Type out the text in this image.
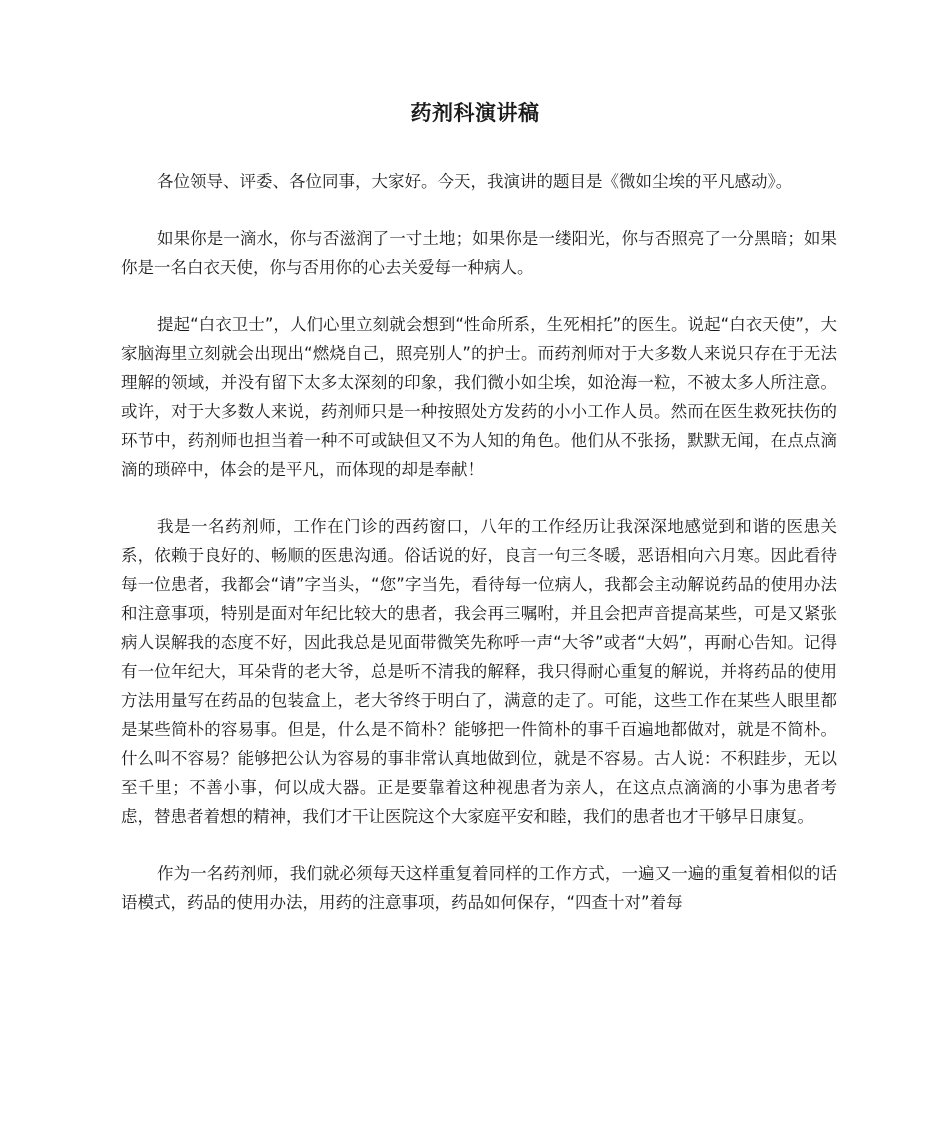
药剂科演讲稿

各位领导、评委、各位同事，大家好。今天，我演讲的题目是《微如尘埃的平凡感动》。

如果你是一滴水，你与否滋润了一寸土地；如果你是一缕阳光，你与否照亮了一分黑暗；如果你是一名白衣天使，你与否用你的心去关爱每一种病人。

提起“白衣卫士”，人们心里立刻就会想到“性命所系，生死相托”的医生。说起“白衣天使”，大家脑海里立刻就会出现出“燃烧自己，照亮别人”的护士。而药剂师对于大多数人来说只存在于无法理解的领域，并没有留下太多太深刻的印象，我们微小如尘埃，如沧海一粒，不被太多人所注意。或许，对于大多数人来说，药剂师只是一种按照处方发药的小小工作人员。然而在医生救死扶伤的环节中，药剂师也担当着一种不可或缺但又不为人知的角色。他们从不张扬，默默无闻，在点点滴滴的琐碎中，体会的是平凡，而体现的却是奉献！

我是一名药剂师，工作在门诊的西药窗口，八年的工作经历让我深深地感觉到和谐的医患关系，依赖于良好的、畅顺的医患沟通。俗话说的好，良言一句三冬暖，恶语相向六月寒。因此看待每一位患者，我都会“请”字当头，“您”字当先，看待每一位病人，我都会主动解说药品的使用办法和注意事项，特别是面对年纪比较大的患者，我会再三嘱咐，并且会把声音提高某些，可是又紧张病人误解我的态度不好，因此我总是见面带微笑先称呼一声“大爷”或者“大妈”，再耐心告知。记得有一位年纪大，耳朵背的老大爷，总是听不清我的解释，我只得耐心重复的解说，并将药品的使用方法用量写在药品的包装盒上，老大爷终于明白了，满意的走了。可能，这些工作在某些人眼里都是某些简朴的容易事。但是，什么是不简朴？能够把一件简朴的事千百遍地都做对，就是不简朴。什么叫不容易？能够把公认为容易的事非常认真地做到位，就是不容易。古人说：不积跬步，无以至千里；不善小事，何以成大器。正是要靠着这种视患者为亲人，在这点点滴滴的小事为患者考虑，替患者着想的精神，我们才干让医院这个大家庭平安和睦，我们的患者也才干够早日康复。

作为一名药剂师，我们就必须每天这样重复着同样的工作方式，一遍又一遍的重复着相似的话语模式，药品的使用办法，用药的注意事项，药品如何保存，“四查十对”着每
